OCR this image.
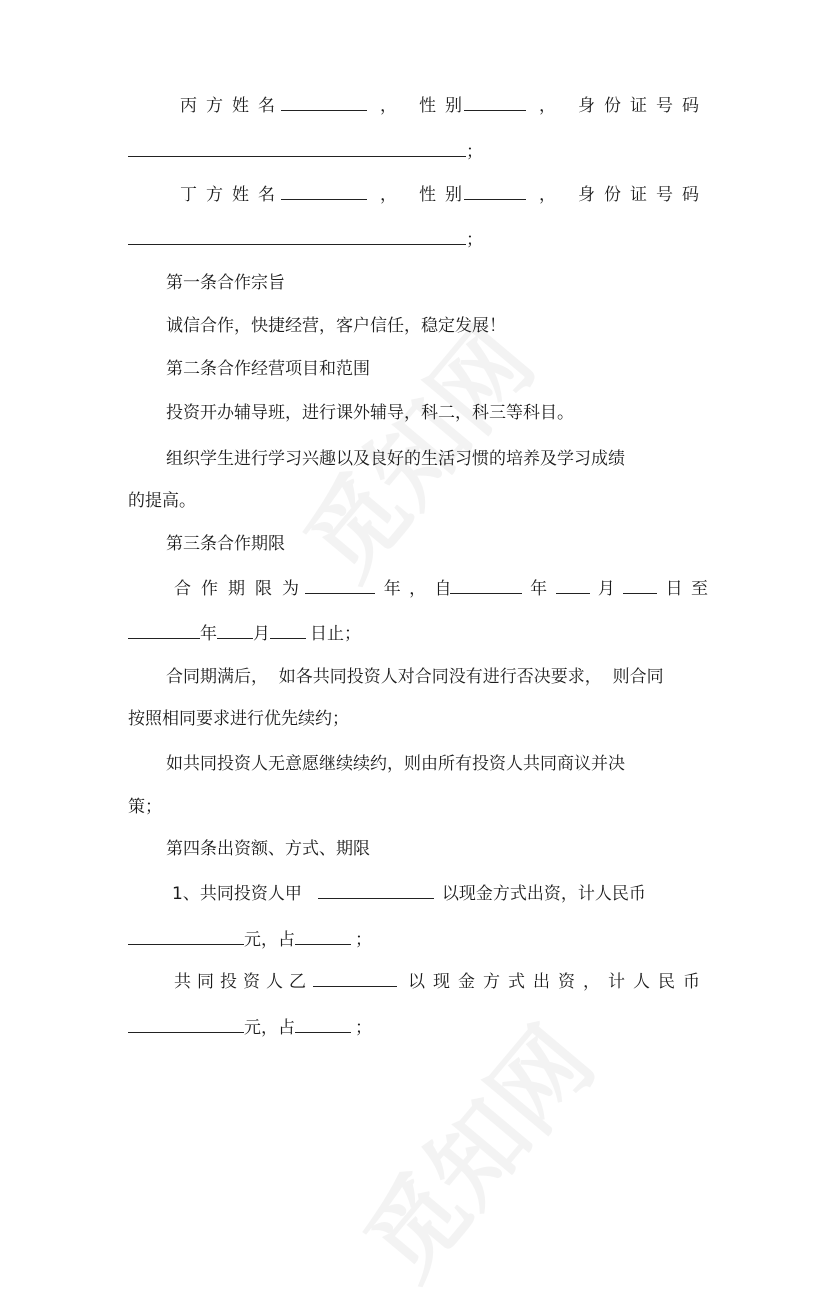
丙方姓名	， 性别	， 身份证号码
；
丁方姓名	， 性别	， 身份证号码
；
第一条合作宗旨
诚信合作，快捷经营，客户信任，稳定发展！
第二条合作经营项目和范围
投资开办辅导班，进行课外辅导，科二，科三等科目。
组织学生进行学习兴趣以及良好的生活习惯的培养及学习成绩
的提高。
第三条合作期限
合作期限为	年 ， 自	年	月	日 至
年 月 日止；
合同期满后，  如各共同投资人对合同没有进行否决要求，  则合同
按照相同要求进行优先续约；
如共同投资人无意愿继续续约，则由所有投资人共同商议并决
策；
第四条出资额、方式、期限
1、共同投资人甲	以现金方式出资，计人民币
元，占	；
共同投资人乙	以现金方式出资，计人民币
元，占	；
